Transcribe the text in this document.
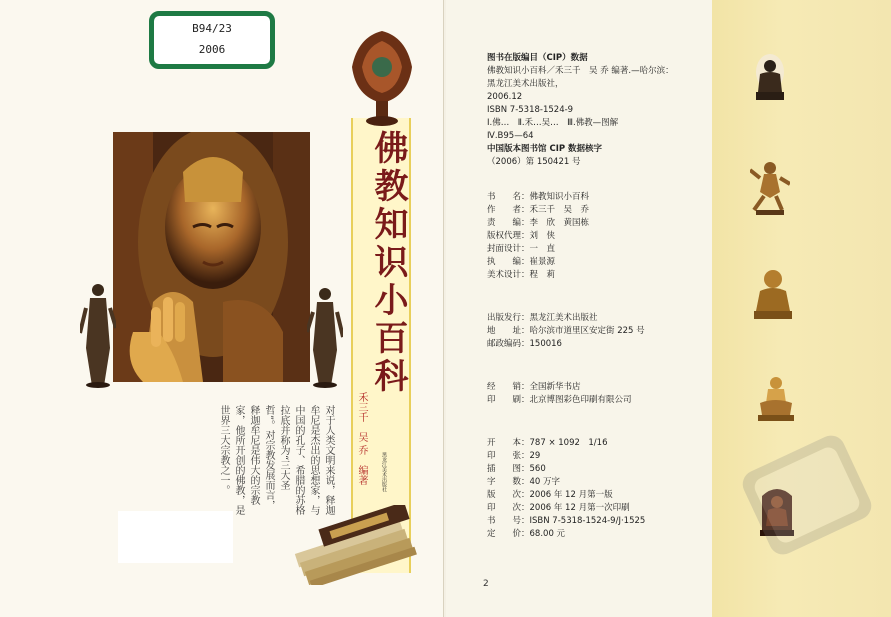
B94/23
2006
佛教知识小百科
禾三千　吴 乔　编著	黑龙江美术出版社
对于人类文明来说，释迦牟尼是杰出的思想家，与中国的孔子、希腊的苏格拉底并称为“三大圣哲”。对宗教发展而言，释迦牟尼是伟大的宗教家，他所开创的佛教，是世界三大宗教之一。
图书在版编目（CIP）数据
佛教知识小百科／禾三千　吴 乔 编著.—哈尔滨：
黑龙江美术出版社，
2006.12
ISBN 7-5318-1524-9
Ⅰ.佛…　Ⅱ.禾…吴…　Ⅲ.佛教—图解
Ⅳ.B95—64
中国版本图书馆 CIP 数据核字
（2006）第 150421 号
书　　名：佛教知识小百科
作　　者：禾三千　吴　乔
责　　编：李　欣　黄国栋
版权代理：刘　侠
封面设计：一　直
执　　编：崔景源
美术设计：程　莉
出版发行：黑龙江美术出版社
地　　址：哈尔滨市道里区安定街 225 号
邮政编码：150016
经　　销：全国新华书店
印　　刷：北京博图彩色印刷有限公司
开　　本：787 × 1092　1/16
印　　张：29
插　　图：560
字　　数：40 万字
版　　次：2006 年 12 月第一版
印　　次：2006 年 12 月第一次印刷
书　　号：ISBN 7-5318-1524-9/J·1525
定　　价：68.00 元
2
